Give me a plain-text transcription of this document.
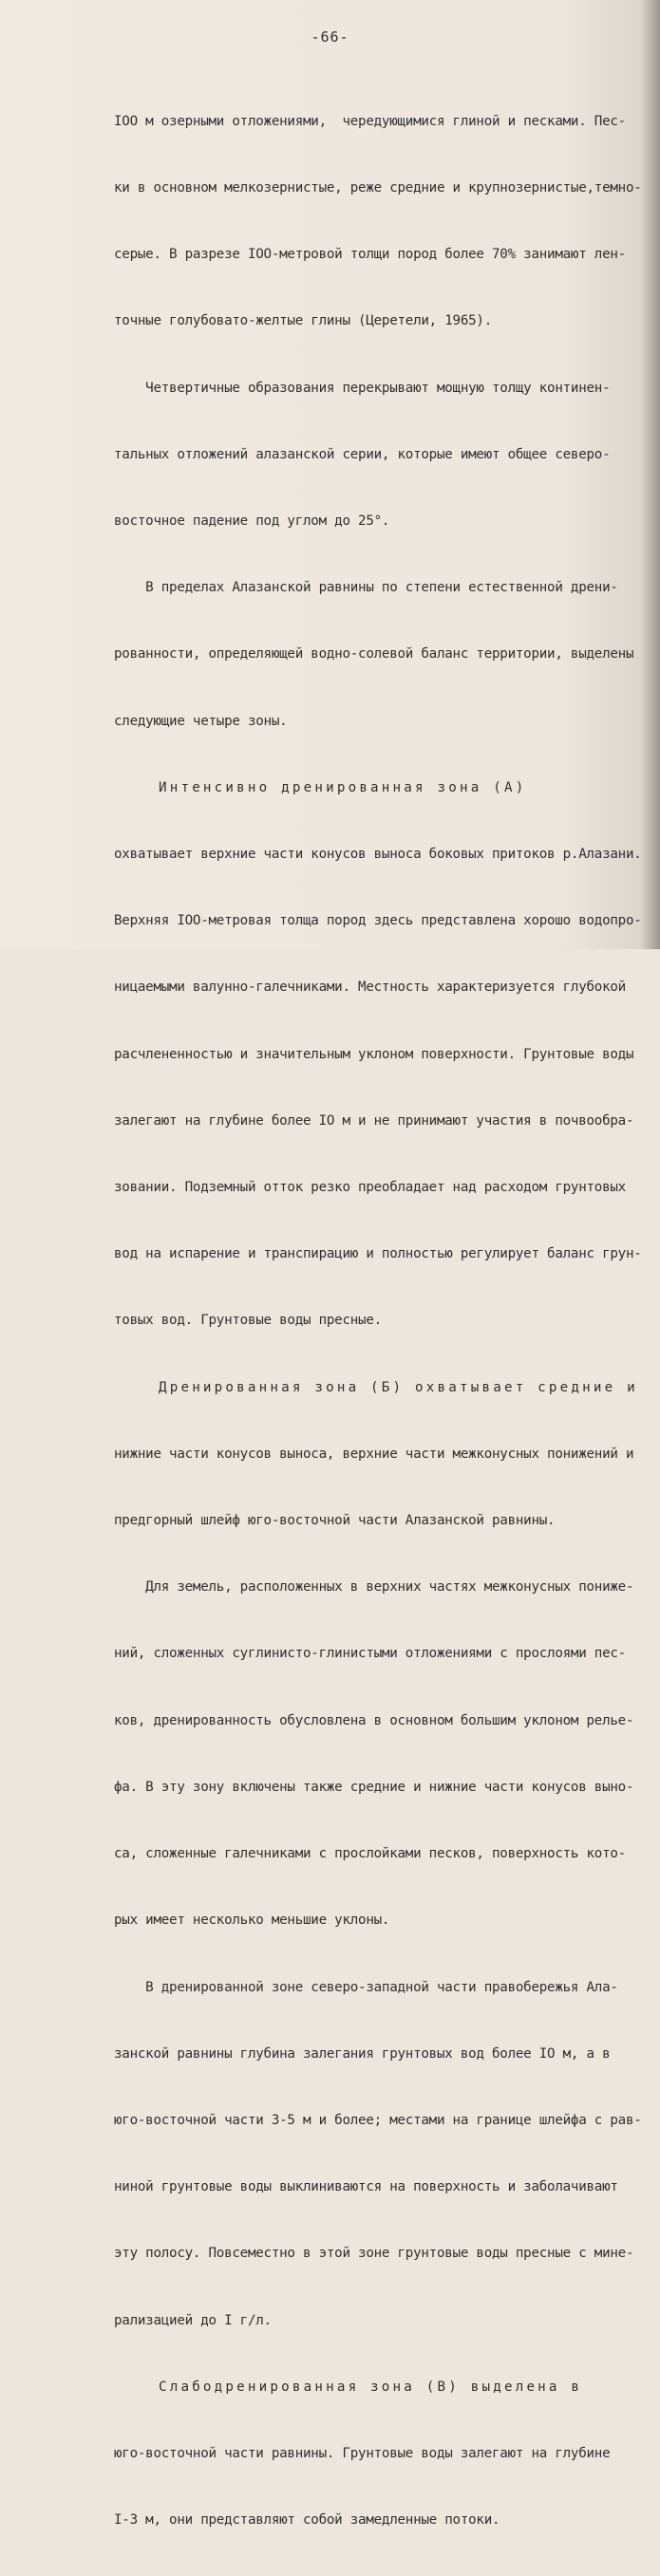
-66-

IOO м озерными отложениями,  чередующимися глиной и песками. Пес-

ки в основном мелкозернистые, реже средние и крупнозернистые,темно-

серые. В разрезе IOO-метровой толщи пород более 70% занимают лен-

точные голубовато-желтые глины (Церетели, 1965).

Четвертичные образования перекрывают мощную толщу континен-

тальных отложений алазанской серии, которые имеют общее северо-

восточное падение под углом до 25°.

В пределах Алазанской равнины по степени естественной дрени-

рованности, определяющей водно-солевой баланс территории, выделены

следующие четыре зоны.

Интенсивно дренированная зона (А)

охватывает верхние части конусов выноса боковых притоков р.Алазани.

Верхняя IOO-метровая толща пород здесь представлена хорошо водопро-

ницаемыми валунно-галечниками. Местность характеризуется глубокой

расчлененностью и значительным уклоном поверхности. Грунтовые воды

залегают на глубине более IO м и не принимают участия в почвообра-

зовании. Подземный отток резко преобладает над расходом грунтовых

вод на испарение и транспирацию и полностью регулирует баланс грун-

товых вод. Грунтовые воды пресные.

Дренированная зона (Б) охватывает средние и

нижние части конусов выноса, верхние части межконусных понижений и

предгорный шлейф юго-восточной части Алазанской равнины.

Для земель, расположенных в верхних частях межконусных пониже-

ний, сложенных суглинисто-глинистыми отложениями с прослоями пес-

ков, дренированность обусловлена в основном большим уклоном релье-

фа. В эту зону включены также средние и нижние части конусов выно-

са, сложенные галечниками с прослойками песков, поверхность кото-

рых имеет несколько меньшие уклоны.

В дренированной зоне северо-западной части правобережья Ала-

занской равнины глубина залегания грунтовых вод более IO м, а в

юго-восточной части 3-5 м и более; местами на границе шлейфа с рав-

ниной грунтовые воды выклиниваются на поверхность и заболачивают

эту полосу. Повсеместно в этой зоне грунтовые воды пресные с мине-

рализацией до I г/л.

Слабодренированная зона (В) выделена в

юго-восточной части равнины. Грунтовые воды залегают на глубине

I-3 м, они представляют собой замедленные потоки.
